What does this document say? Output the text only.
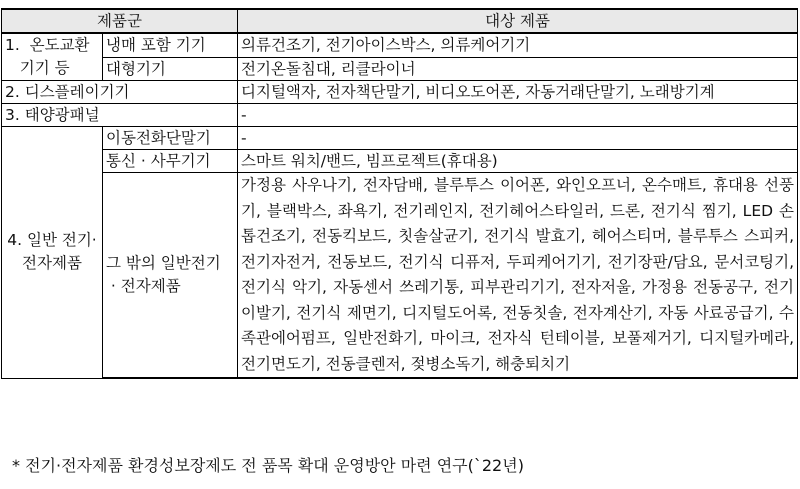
제품군		대상 제품
1.  온도교환
기기 등	냉매 포함 기기	의류건조기, 전기아이스박스, 의류케어기기
	대형기기	전기온돌침대, 리클라이너
2. 디스플레이기기		디지털액자, 전자책단말기, 비디오도어폰, 자동거래단말기, 노래방기계
3. 태양광패널		-
4. 일반 전기·
전자제품	이동전화단말기	-
	통신 · 사무기기	스마트 워치/밴드, 빔프로젝트(휴대용)
	그 밖의 일반전기
· 전자제품	가정용 사우나기, 전자담배, 블루투스 이어폰, 와인오프너, 온수매트, 휴대용 선풍기, 블랙박스, 좌욕기, 전기레인지, 전기헤어스타일러, 드론, 전기식 찜기, LED 손톱건조기, 전동킥보드, 칫솔살균기, 전기식 발효기, 헤어스티머, 블루투스 스피커, 전기자전거, 전동보드, 전기식 디퓨저, 두피케어기기, 전기장판/담요, 문서코팅기, 전기식 악기, 자동센서 쓰레기통, 피부관리기기, 전자저울, 가정용 전동공구, 전기이발기, 전기식 제면기, 디지털도어록, 전동칫솔, 전자계산기, 자동 사료공급기, 수족관에어펌프, 일반전화기, 마이크, 전자식 턴테이블, 보풀제거기, 디지털카메라, 전기면도기, 전동클렌저, 젖병소독기, 해충퇴치기
* 전기·전자제품 환경성보장제도 전 품목 확대 운영방안 마련 연구(`22년)
